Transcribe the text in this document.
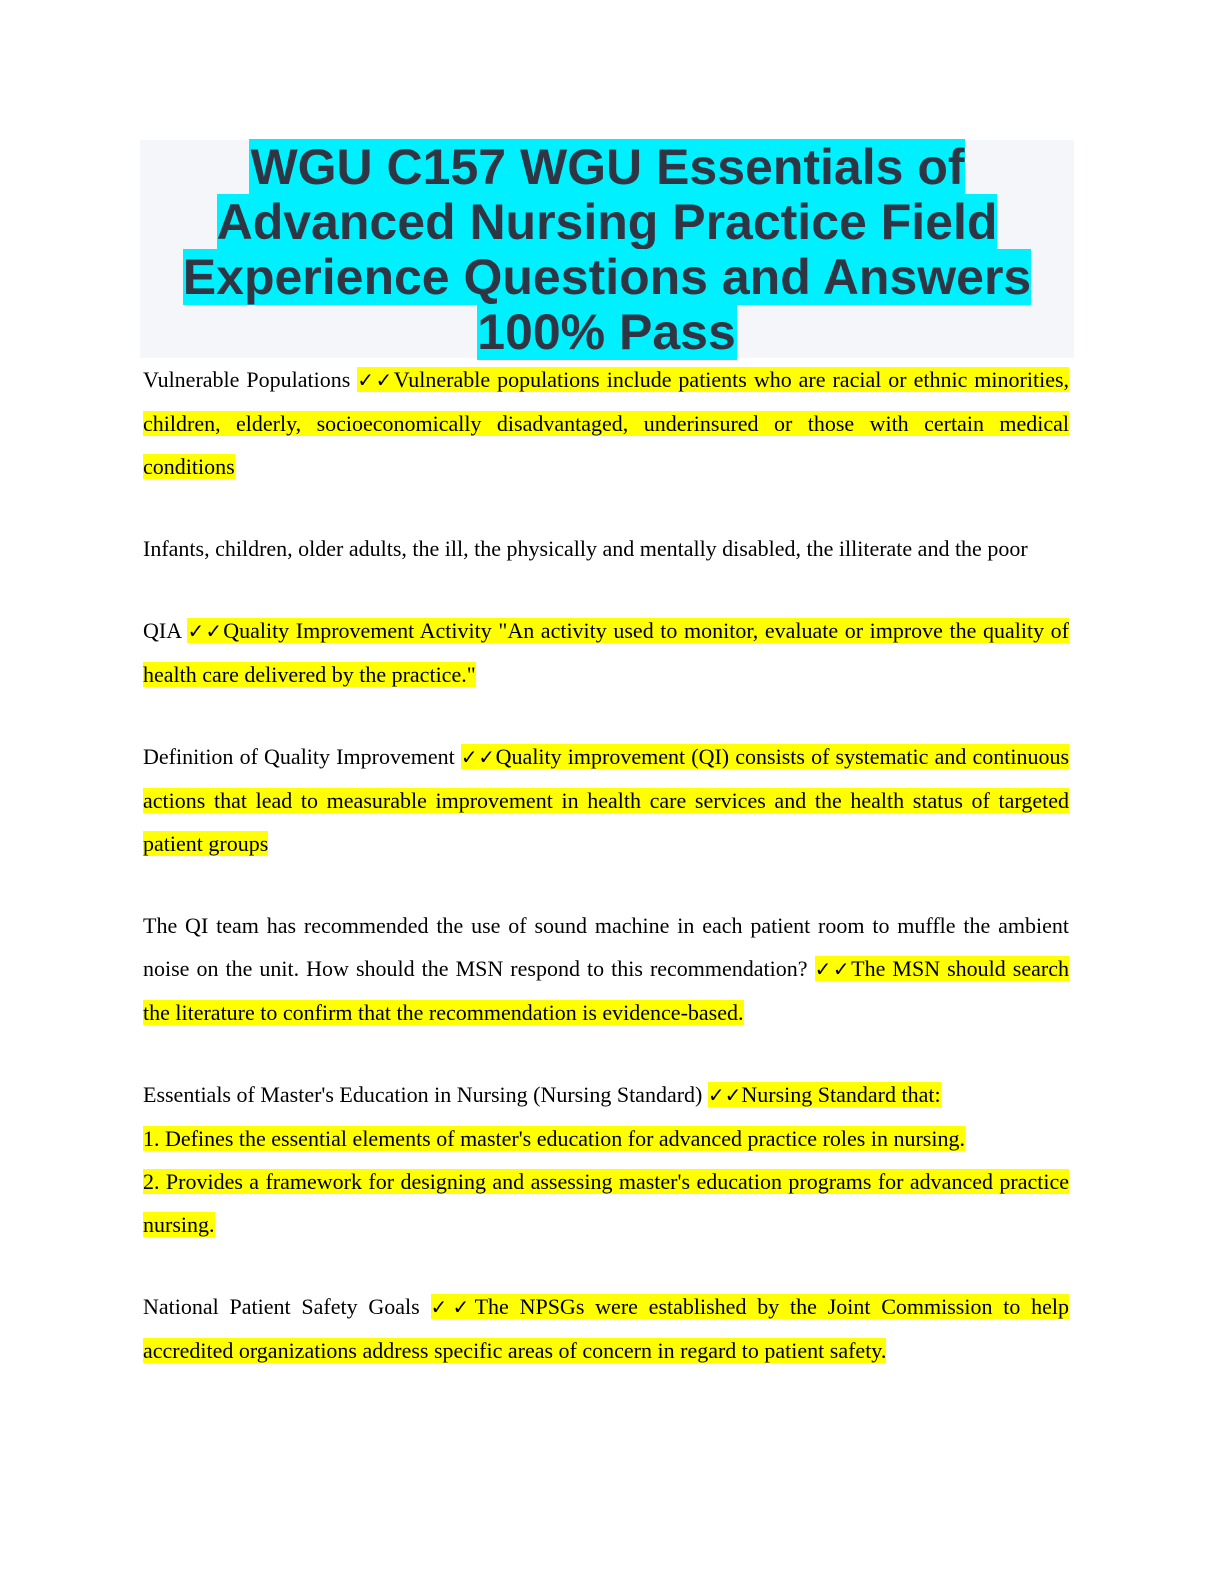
WGU C157 WGU Essentials of Advanced Nursing Practice Field Experience Questions and Answers 100% Pass

Vulnerable Populations ✓✓Vulnerable populations include patients who are racial or ethnic minorities, children, elderly, socioeconomically disadvantaged, underinsured or those with certain medical conditions

Infants, children, older adults, the ill, the physically and mentally disabled, the illiterate and the poor

QIA ✓✓Quality Improvement Activity "An activity used to monitor, evaluate or improve the quality of health care delivered by the practice."

Definition of Quality Improvement ✓✓Quality improvement (QI) consists of systematic and continuous actions that lead to measurable improvement in health care services and the health status of targeted patient groups

The QI team has recommended the use of sound machine in each patient room to muffle the ambient noise on the unit. How should the MSN respond to this recommendation? ✓✓The MSN should search the literature to confirm that the recommendation is evidence-based.

Essentials of Master's Education in Nursing (Nursing Standard) ✓✓Nursing Standard that:
1. Defines the essential elements of master's education for advanced practice roles in nursing.
2. Provides a framework for designing and assessing master's education programs for advanced practice nursing.

National Patient Safety Goals ✓✓The NPSGs were established by the Joint Commission to help accredited organizations address specific areas of concern in regard to patient safety.
